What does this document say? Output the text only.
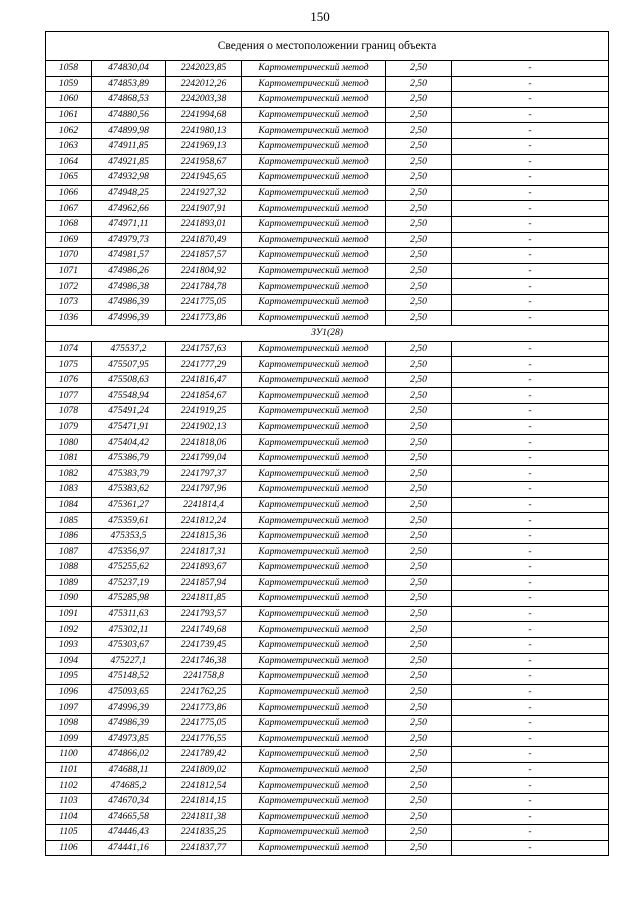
150
Сведения о местоположении границ объекта					
1058	474830,04	2242023,85	Картометрический метод	2,50	-
1059	474853,89	2242012,26	Картометрический метод	2,50	-
1060	474868,53	2242003,38	Картометрический метод	2,50	-
1061	474880,56	2241994,68	Картометрический метод	2,50	-
1062	474899,98	2241980,13	Картометрический метод	2,50	-
1063	474911,85	2241969,13	Картометрический метод	2,50	-
1064	474921,85	2241958,67	Картометрический метод	2,50	-
1065	474932,98	2241945,65	Картометрический метод	2,50	-
1066	474948,25	2241927,32	Картометрический метод	2,50	-
1067	474962,66	2241907,91	Картометрический метод	2,50	-
1068	474971,11	2241893,01	Картометрический метод	2,50	-
1069	474979,73	2241870,49	Картометрический метод	2,50	-
1070	474981,57	2241857,57	Картометрический метод	2,50	-
1071	474986,26	2241804,92	Картометрический метод	2,50	-
1072	474986,38	2241784,78	Картометрический метод	2,50	-
1073	474986,39	2241775,05	Картометрический метод	2,50	-
1036	474996,39	2241773,86	Картометрический метод	2,50	-
ЗУ1(28)					
1074	475537,2	2241757,63	Картометрический метод	2,50	-
1075	475507,95	2241777,29	Картометрический метод	2,50	-
1076	475508,63	2241816,47	Картометрический метод	2,50	-
1077	475548,94	2241854,67	Картометрический метод	2,50	-
1078	475491,24	2241919,25	Картометрический метод	2,50	-
1079	475471,91	2241902,13	Картометрический метод	2,50	-
1080	475404,42	2241818,06	Картометрический метод	2,50	-
1081	475386,79	2241799,04	Картометрический метод	2,50	-
1082	475383,79	2241797,37	Картометрический метод	2,50	-
1083	475383,62	2241797,96	Картометрический метод	2,50	-
1084	475361,27	2241814,4	Картометрический метод	2,50	-
1085	475359,61	2241812,24	Картометрический метод	2,50	-
1086	475353,5	2241815,36	Картометрический метод	2,50	-
1087	475356,97	2241817,31	Картометрический метод	2,50	-
1088	475255,62	2241893,67	Картометрический метод	2,50	-
1089	475237,19	2241857,94	Картометрический метод	2,50	-
1090	475285,98	2241811,85	Картометрический метод	2,50	-
1091	475311,63	2241793,57	Картометрический метод	2,50	-
1092	475302,11	2241749,68	Картометрический метод	2,50	-
1093	475303,67	2241739,45	Картометрический метод	2,50	-
1094	475227,1	2241746,38	Картометрический метод	2,50	-
1095	475148,52	2241758,8	Картометрический метод	2,50	-
1096	475093,65	2241762,25	Картометрический метод	2,50	-
1097	474996,39	2241773,86	Картометрический метод	2,50	-
1098	474986,39	2241775,05	Картометрический метод	2,50	-
1099	474973,85	2241776,55	Картометрический метод	2,50	-
1100	474866,02	2241789,42	Картометрический метод	2,50	-
1101	474688,11	2241809,02	Картометрический метод	2,50	-
1102	474685,2	2241812,54	Картометрический метод	2,50	-
1103	474670,34	2241814,15	Картометрический метод	2,50	-
1104	474665,58	2241811,38	Картометрический метод	2,50	-
1105	474446,43	2241835,25	Картометрический метод	2,50	-
1106	474441,16	2241837,77	Картометрический метод	2,50	-
